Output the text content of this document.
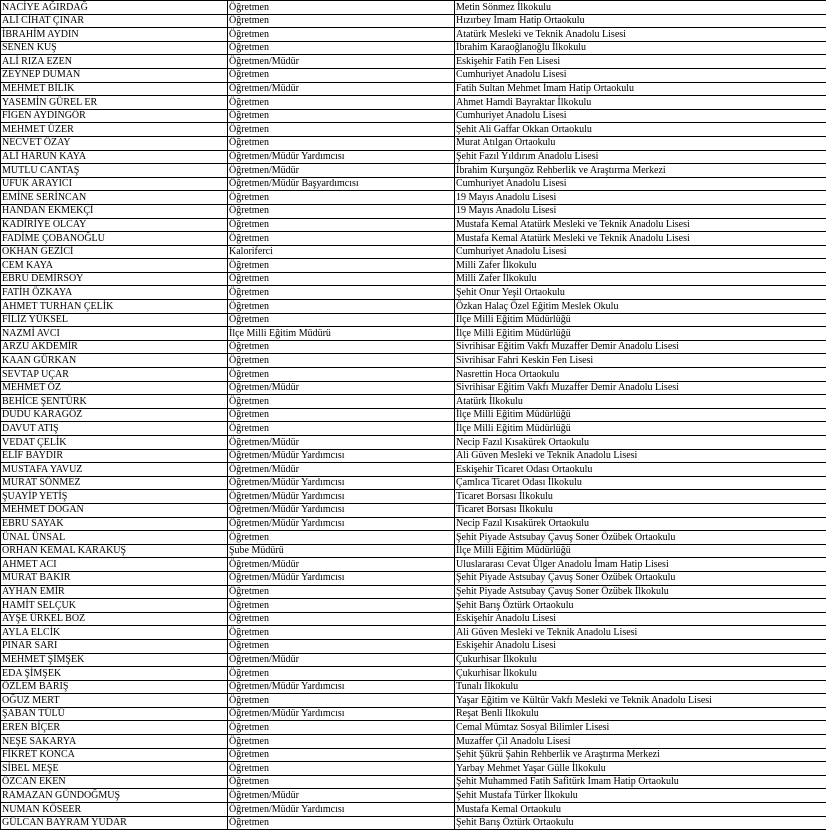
NACİYE AĞIRDAĞ	Öğretmen	Metin Sönmez İlkokulu
ALİ CİHAT ÇINAR	Öğretmen	Hızırbey İmam Hatip Ortaokulu
İBRAHİM AYDIN	Öğretmen	Atatürk Mesleki ve Teknik Anadolu Lisesi
SENEN KUŞ	Öğretmen	İbrahim Karaoğlanoğlu İlkokulu
ALİ RIZA EZEN	Öğretmen/Müdür	Eskişehir Fatih Fen Lisesi
ZEYNEP DUMAN	Öğretmen	Cumhuriyet Anadolu Lisesi
MEHMET BİLİK	Öğretmen/Müdür	Fatih Sultan Mehmet İmam Hatip Ortaokulu
YASEMİN GÜREL ER	Öğretmen	Ahmet Hamdi Bayraktar İlkokulu
FİGEN AYDINGÖR	Öğretmen	Cumhuriyet Anadolu Lisesi
MEHMET ÜZER	Öğretmen	Şehit Ali Gaffar Okkan Ortaokulu
NECVET ÖZAY	Öğretmen	Murat Atılgan Ortaokulu
ALİ HARUN KAYA	Öğretmen/Müdür Yardımcısı	Şehit Fazıl Yıldırım Anadolu Lisesi
MUTLU CANTAŞ	Öğretmen/Müdür	İbrahim Kurşungöz Rehberlik ve Araştırma Merkezi
UFUK ARAYICI	Öğretmen/Müdür Başyardımcısı	Cumhuriyet Anadolu Lisesi
EMİNE SERİNCAN	Öğretmen	19 Mayıs Anadolu Lisesi
HANDAN EKMEKÇİ	Öğretmen	19 Mayıs Anadolu Lisesi
KADİRİYE OLCAY	Öğretmen	Mustafa Kemal Atatürk Mesleki ve Teknik Anadolu Lisesi
FADİME ÇOBANOĞLU	Öğretmen	Mustafa Kemal Atatürk Mesleki ve Teknik Anadolu Lisesi
OKHAN GEZİCİ	Kaloriferci	Cumhuriyet Anadolu Lisesi
CEM KAYA	Öğretmen	Milli Zafer İlkokulu
EBRU DEMİRSOY	Öğretmen	Milli Zafer İlkokulu
FATİH ÖZKAYA	Öğretmen	Şehit Onur Yeşil Ortaokulu
AHMET TURHAN ÇELİK	Öğretmen	Özkan Halaç Özel Eğitim Meslek Okulu
FİLİZ YÜKSEL	Öğretmen	İlçe Milli Eğitim Müdürlüğü
NAZMİ AVCI	İlçe Milli Eğitim Müdürü	İlçe Milli Eğitim Müdürlüğü
ARZU AKDEMİR	Öğretmen	Sivrihisar Eğitim Vakfı Muzaffer Demir Anadolu Lisesi
KAAN GÜRKAN	Öğretmen	Sivrihisar Fahri Keskin Fen Lisesi
SEVTAP UÇAR	Öğretmen	Nasrettin Hoca Ortaokulu
MEHMET ÖZ	Öğretmen/Müdür	Sivrihisar Eğitim Vakfı Muzaffer Demir Anadolu Lisesi
BEHİCE ŞENTÜRK	Öğretmen	Atatürk İlkokulu
DUDU KARAGÖZ	Öğretmen	İlçe Milli Eğitim Müdürlüğü
DAVUT ATIŞ	Öğretmen	İlçe Milli Eğitim Müdürlüğü
VEDAT ÇELİK	Öğretmen/Müdür	Necip Fazıl Kısakürek Ortaokulu
ELİF BAYDIR	Öğretmen/Müdür Yardımcısı	Ali Güven Mesleki ve Teknik Anadolu Lisesi
MUSTAFA YAVUZ	Öğretmen/Müdür	Eskişehir Ticaret Odası Ortaokulu
MURAT SÖNMEZ	Öğretmen/Müdür Yardımcısı	Çamlıca Ticaret Odası İlkokulu
ŞUAYİP YETİŞ	Öğretmen/Müdür Yardımcısı	Ticaret Borsası İlkokulu
MEHMET DOĞAN	Öğretmen/Müdür Yardımcısı	Ticaret Borsası İlkokulu
EBRU SAYAK	Öğretmen/Müdür Yardımcısı	Necip Fazıl Kısakürek Ortaokulu
ÜNAL ÜNSAL	Öğretmen	Şehit Piyade Astsubay Çavuş Soner Özübek Ortaokulu
ORHAN KEMAL KARAKUŞ	Şube Müdürü	İlçe Milli Eğitim Müdürlüğü
AHMET ACI	Öğretmen/Müdür	Uluslararası Cevat Ülger Anadolu İmam Hatip Lisesi
MURAT BAKIR	Öğretmen/Müdür Yardımcısı	Şehit Piyade Astsubay Çavuş Soner Özübek Ortaokulu
AYHAN EMİR	Öğretmen	Şehit Piyade Astsubay Çavuş Soner Özübek İlkokulu
HAMİT SELÇUK	Öğretmen	Şehit Barış Öztürk Ortaokulu
AYŞE ÜRKEL BOZ	Öğretmen	Eskişehir Anadolu Lisesi
AYLA ELCİK	Öğretmen	Ali Güven Mesleki ve Teknik Anadolu Lisesi
PINAR SARI	Öğretmen	Eskişehir Anadolu Lisesi
MEHMET ŞİMŞEK	Öğretmen/Müdür	Çukurhisar İlkokulu
EDA ŞİMŞEK	Öğretmen	Çukurhisar İlkokulu
ÖZLEM BARIŞ	Öğretmen/Müdür Yardımcısı	Tunalı İlkokulu
OĞUZ MERT	Öğretmen	Yaşar Eğitim ve Kültür Vakfı Mesleki ve Teknik Anadolu Lisesi
ŞABAN TÜLÜ	Öğretmen/Müdür Yardımcısı	Reşat Benli İlkokulu
EREN BİÇER	Öğretmen	Cemal Mümtaz Sosyal Bilimler Lisesi
NEŞE SAKARYA	Öğretmen	Muzaffer Çil Anadolu Lisesi
FİKRET KONCA	Öğretmen	Şehit Şükrü Şahin Rehberlik ve Araştırma Merkezi
SİBEL MEŞE	Öğretmen	Yarbay Mehmet Yaşar Gülle İlkokulu
ÖZCAN EKEN	Öğretmen	Şehit Muhammed Fatih Safitürk İmam Hatip Ortaokulu
RAMAZAN GÜNDOĞMUŞ	Öğretmen/Müdür	Şehit Mustafa Türker İlkokulu
NUMAN KÖSEER	Öğretmen/Müdür Yardımcısı	Mustafa Kemal Ortaokulu
GÜLCAN BAYRAM YUDAR	Öğretmen	Şehit Barış Öztürk Ortaokulu
